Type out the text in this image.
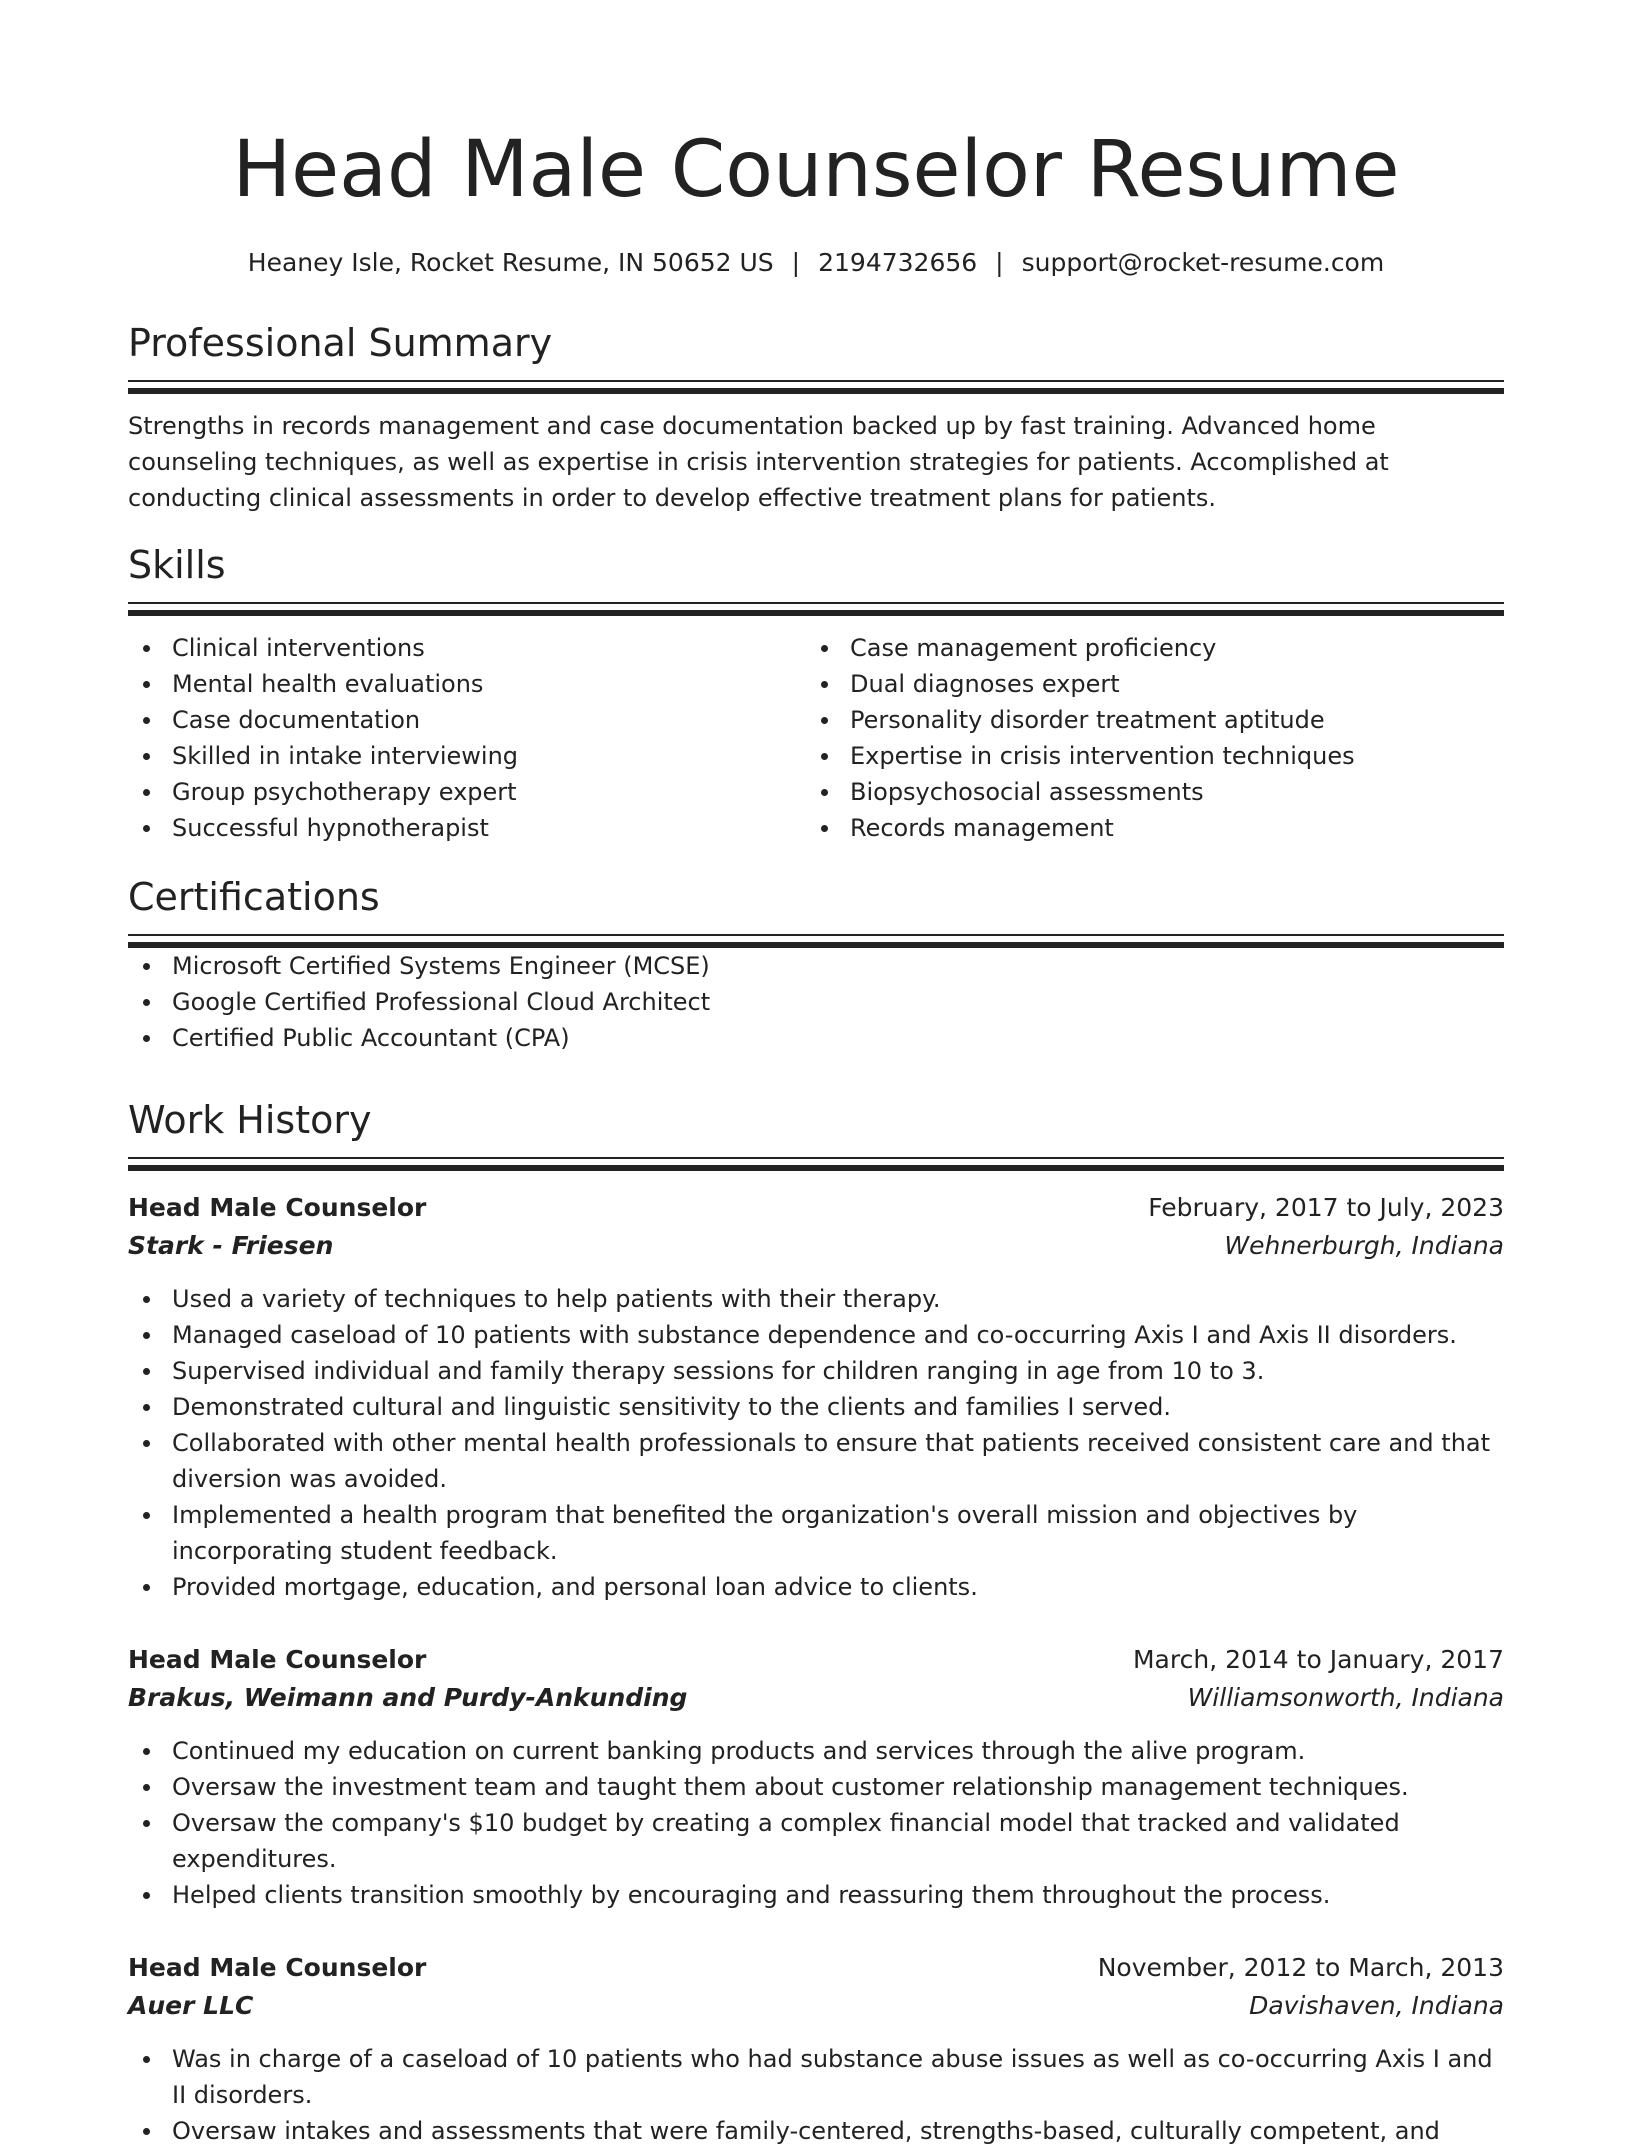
Head Male Counselor Resume
Heaney Isle, Rocket Resume, IN 50652 US | 2194732656 | support@rocket-resume.com
Professional Summary

Strengths in records management and case documentation backed up by fast training. Advanced home counseling techniques, as well as expertise in crisis intervention strategies for patients. Accomplished at conducting clinical assessments in order to develop effective treatment plans for patients.

Skills
Clinical interventions
Mental health evaluations
Case documentation
Skilled in intake interviewing
Group psychotherapy expert
Successful hypnotherapist
Case management proficiency
Dual diagnoses expert
Personality disorder treatment aptitude
Expertise in crisis intervention techniques
Biopsychosocial assessments
Records management
Certifications
Microsoft Certified Systems Engineer (MCSE)
Google Certified Professional Cloud Architect
Certified Public Accountant (CPA)
Work History
Head Male Counselor	February, 2017 to July, 2023
Stark - Friesen	Wehnerburgh, Indiana
Used a variety of techniques to help patients with their therapy.
Managed caseload of 10 patients with substance dependence and co-occurring Axis I and Axis II disorders.
Supervised individual and family therapy sessions for children ranging in age from 10 to 3.
Demonstrated cultural and linguistic sensitivity to the clients and families I served.
Collaborated with other mental health professionals to ensure that patients received consistent care and that diversion was avoided.
Implemented a health program that benefited the organization's overall mission and objectives by incorporating student feedback.
Provided mortgage, education, and personal loan advice to clients.
Head Male Counselor	March, 2014 to January, 2017
Brakus, Weimann and Purdy-Ankunding	Williamsonworth, Indiana
Continued my education on current banking products and services through the alive program.
Oversaw the investment team and taught them about customer relationship management techniques.
Oversaw the company's $10 budget by creating a complex financial model that tracked and validated expenditures.
Helped clients transition smoothly by encouraging and reassuring them throughout the process.
Head Male Counselor	November, 2012 to March, 2013
Auer LLC	Davishaven, Indiana
Was in charge of a caseload of 10 patients who had substance abuse issues as well as co-occurring Axis I and II disorders.
Oversaw intakes and assessments that were family-centered, strengths-based, culturally competent, and
